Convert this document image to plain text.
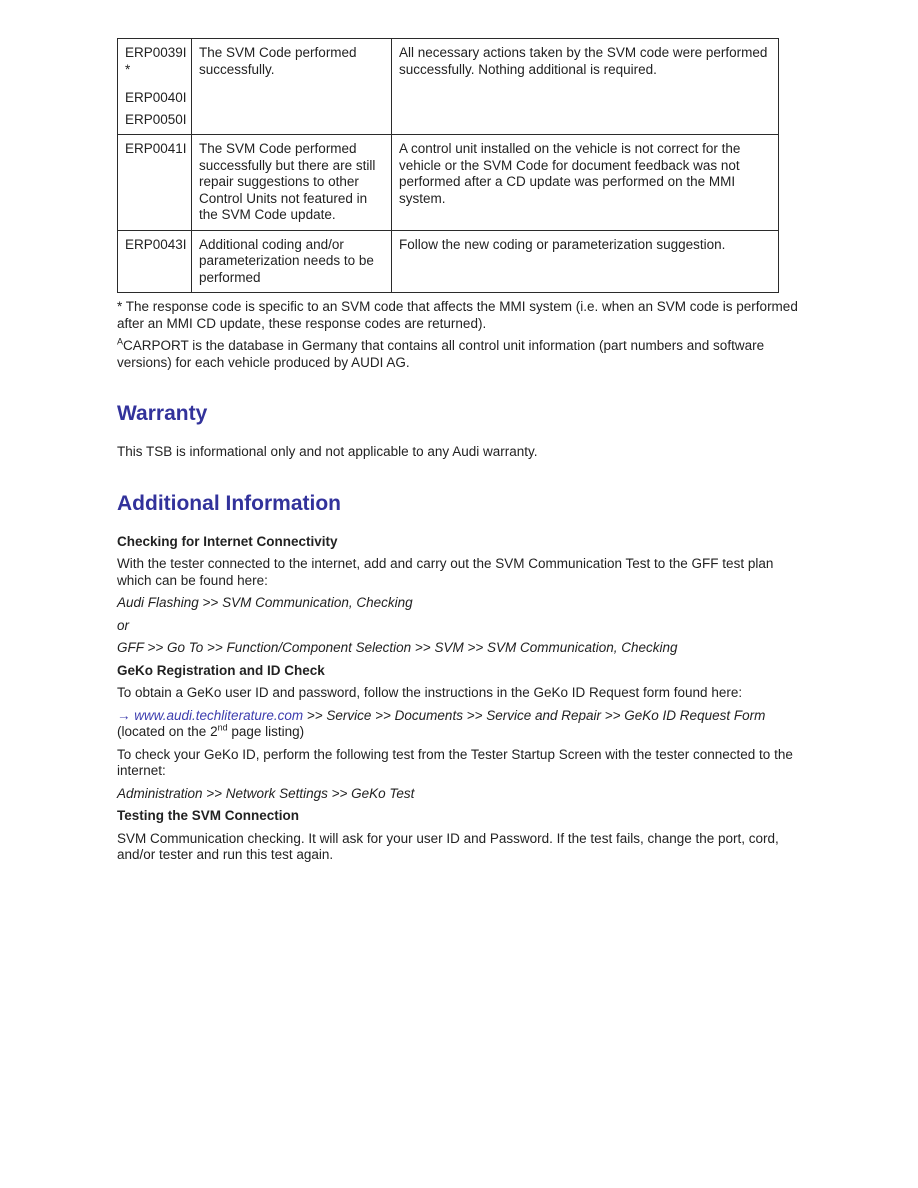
ERP0039I
*
ERP0040I
ERP0050I	The SVM Code performed successfully.	All necessary actions taken by the SVM code were performed successfully. Nothing additional is required.

ERP0041I	The SVM Code performed successfully but there are still repair suggestions to other Control Units not featured in the SVM Code update.	A control unit installed on the vehicle is not correct for the vehicle or the SVM Code for document feedback was not performed after a CD update was performed on the MMI system.

ERP0043I	Additional coding and/or parameterization needs to be performed	Follow the new coding or parameterization suggestion.

* The response code is specific to an SVM code that affects the MMI system (i.e. when an SVM code is performed after an MMI CD update, these response codes are returned).

$^A$CARPORT is the database in Germany that contains all control unit information (part numbers and software versions) for each vehicle produced by AUDI AG.

Warranty

This TSB is informational only and not applicable to any Audi warranty.

Additional Information

Checking for Internet Connectivity

With the tester connected to the internet, add and carry out the SVM Communication Test to the GFF test plan which can be found here:

Audi Flashing >> SVM Communication, Checking

or

GFF >> Go To >> Function/Component Selection >> SVM >> SVM Communication, Checking

GeKo Registration and ID Check

To obtain a GeKo user ID and password, follow the instructions in the GeKo ID Request form found here:

→ www.audi.techliterature.com >> Service >> Documents >> Service and Repair >> GeKo ID Request Form
(located on the 2nd page listing)

To check your GeKo ID, perform the following test from the Tester Startup Screen with the tester connected to the internet:

Administration >> Network Settings >> GeKo Test

Testing the SVM Connection

SVM Communication checking. It will ask for your user ID and Password. If the test fails, change the port, cord, and/or tester and run this test again.
